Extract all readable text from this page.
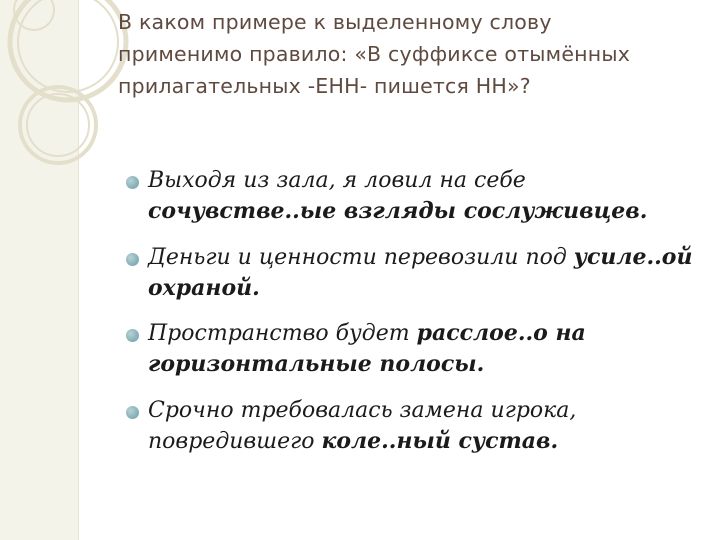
В каком примере к выделенному слову применимо правило: «В суффиксе отымённых прилагательных -ЕНН- пишется НН»?
Выходя из зала, я ловил на себе сочувстве..ые взгляды сослуживцев.
Деньги и ценности перевозили под усиле..ой охраной.
Пространство будет расслое..о на горизонтальные полосы.
Срочно требовалась замена игрока, повредившего коле..ный сустав.
